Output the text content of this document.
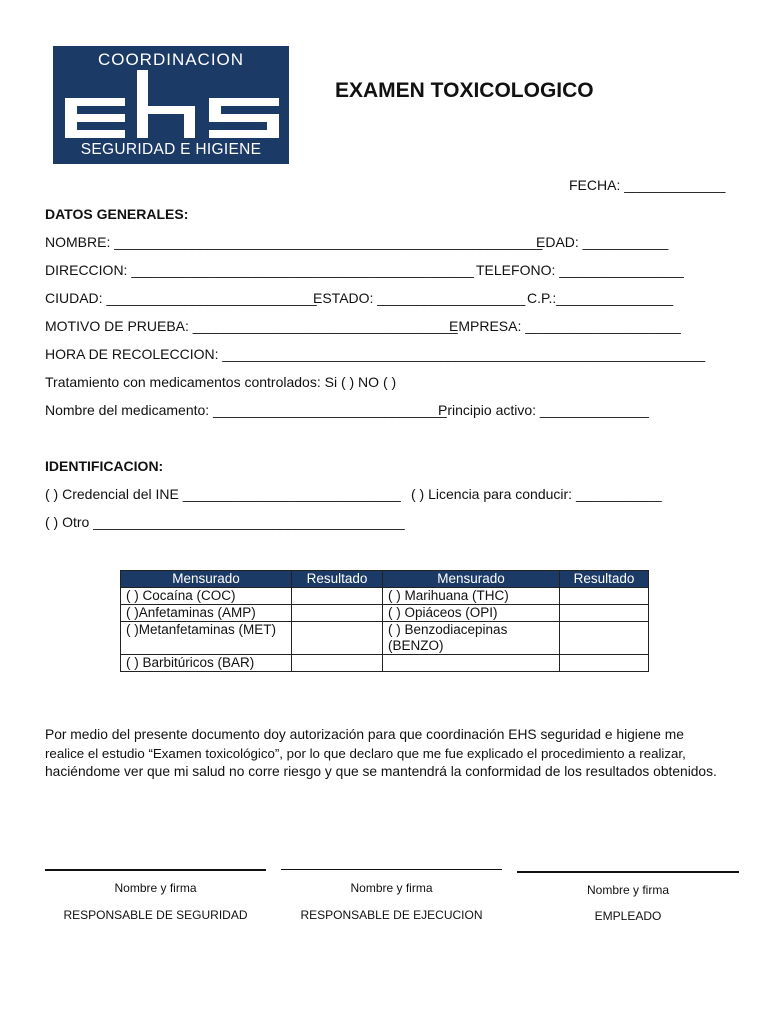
COORDINACION
SEGURIDAD E HIGIENE
EXAMEN TOXICOLOGICO
FECHA: _____________
DATOS GENERALES:
NOMBRE: _______________________________________________________
EDAD: ___________
DIRECCION: ____________________________________________ TELEFONO: ________________
CIUDAD: ___________________________
ESTADO: ___________________ C.P.:_______________
MOTIVO DE PRUEBA: __________________________________
EMPRESA: ____________________
HORA DE RECOLECCION: ______________________________________________________________
Tratamiento con medicamentos controlados: Si ( ) NO ( )
Nombre del medicamento: ______________________________
Principio activo: ______________
IDENTIFICACION:
( ) Credencial del INE ____________________________ ( ) Licencia para conducir: ___________
( ) Otro ________________________________________
Mensurado	Resultado	Mensurado	Resultado
( ) Cocaína (COC)		( ) Marihuana (THC)	
( )Anfetaminas (AMP)		( ) Opiáceos (OPI)	
( )Metanfetaminas (MET)		( ) Benzodiacepinas (BENZO)	
( ) Barbitúricos (BAR)			
Por medio del presente documento doy autorización para que coordinación EHS seguridad e higiene me
realice el estudio “Examen toxicológico”, por lo que declaro que me fue explicado el procedimiento a realizar,
haciéndome ver que mi salud no corre riesgo y que se mantendrá la conformidad de los resultados obtenidos.
Nombre y firma
RESPONSABLE DE SEGURIDAD
Nombre y firma
RESPONSABLE DE EJECUCION
Nombre y firma
EMPLEADO
